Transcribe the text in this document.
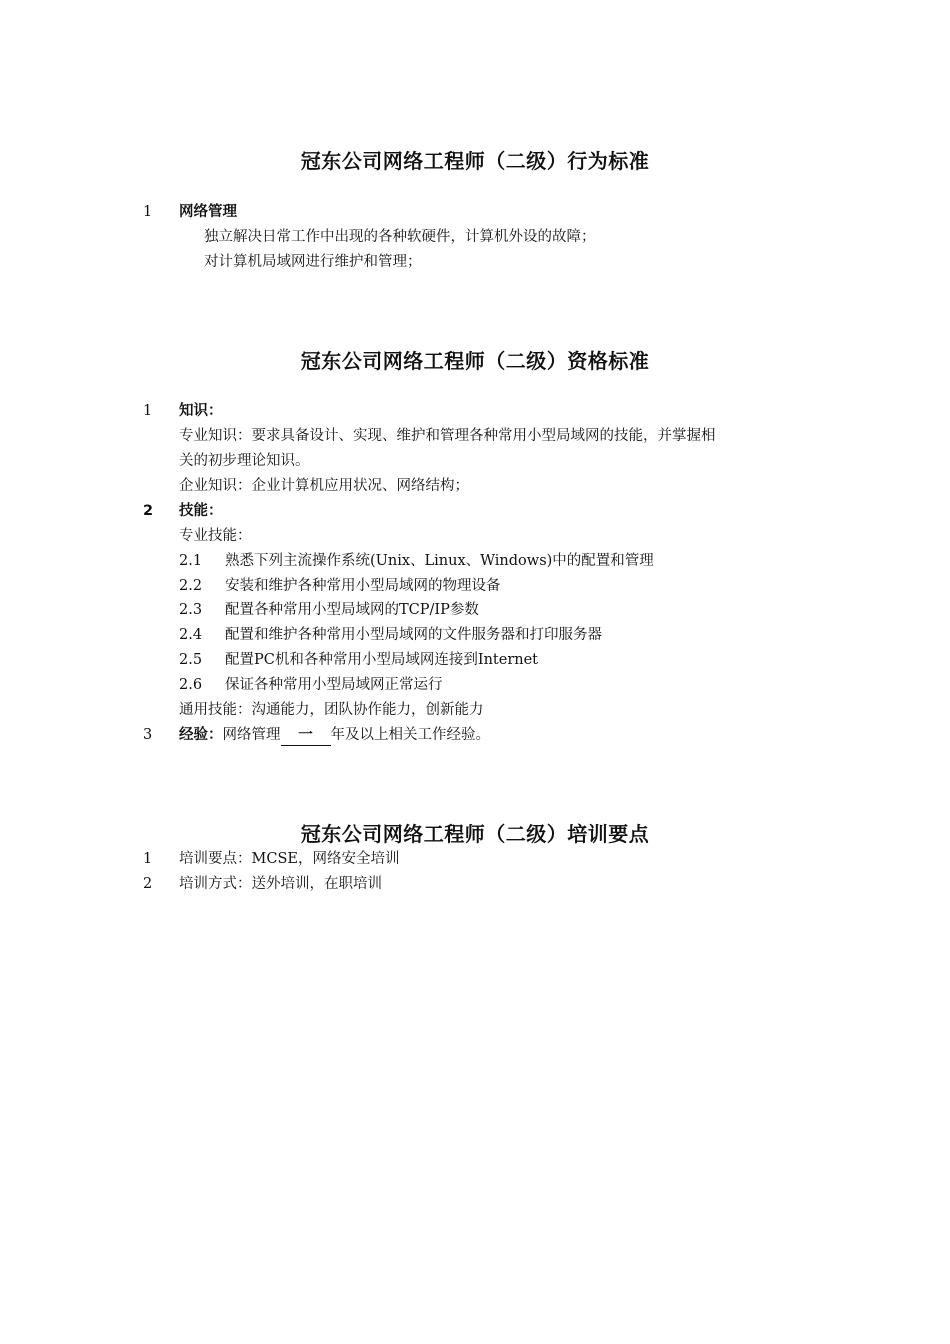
冠东公司网络工程师（二级）行为标准
1 网络管理
独立解决日常工作中出现的各种软硬件，计算机外设的故障；
对计算机局域网进行维护和管理；
冠东公司网络工程师（二级）资格标准
1 知识：
专业知识：要求具备设计、实现、维护和管理各种常用小型局域网的技能，并掌握相
关的初步理论知识。
企业知识：企业计算机应用状况、网络结构；
2 技能：
专业技能：
2.1 熟悉下列主流操作系统(Unix、Linux、Windows)中的配置和管理
2.2 安装和维护各种常用小型局域网的物理设备
2.3 配置各种常用小型局域网的TCP/IP参数
2.4 配置和维护各种常用小型局域网的文件服务器和打印服务器
2.5 配置PC机和各种常用小型局域网连接到Internet
2.6 保证各种常用小型局域网正常运行
通用技能：沟通能力，团队协作能力，创新能力
3 经验：网络管理 一 年及以上相关工作经验。
冠东公司网络工程师（二级）培训要点
1 培训要点：MCSE，网络安全培训
2 培训方式：送外培训，在职培训
